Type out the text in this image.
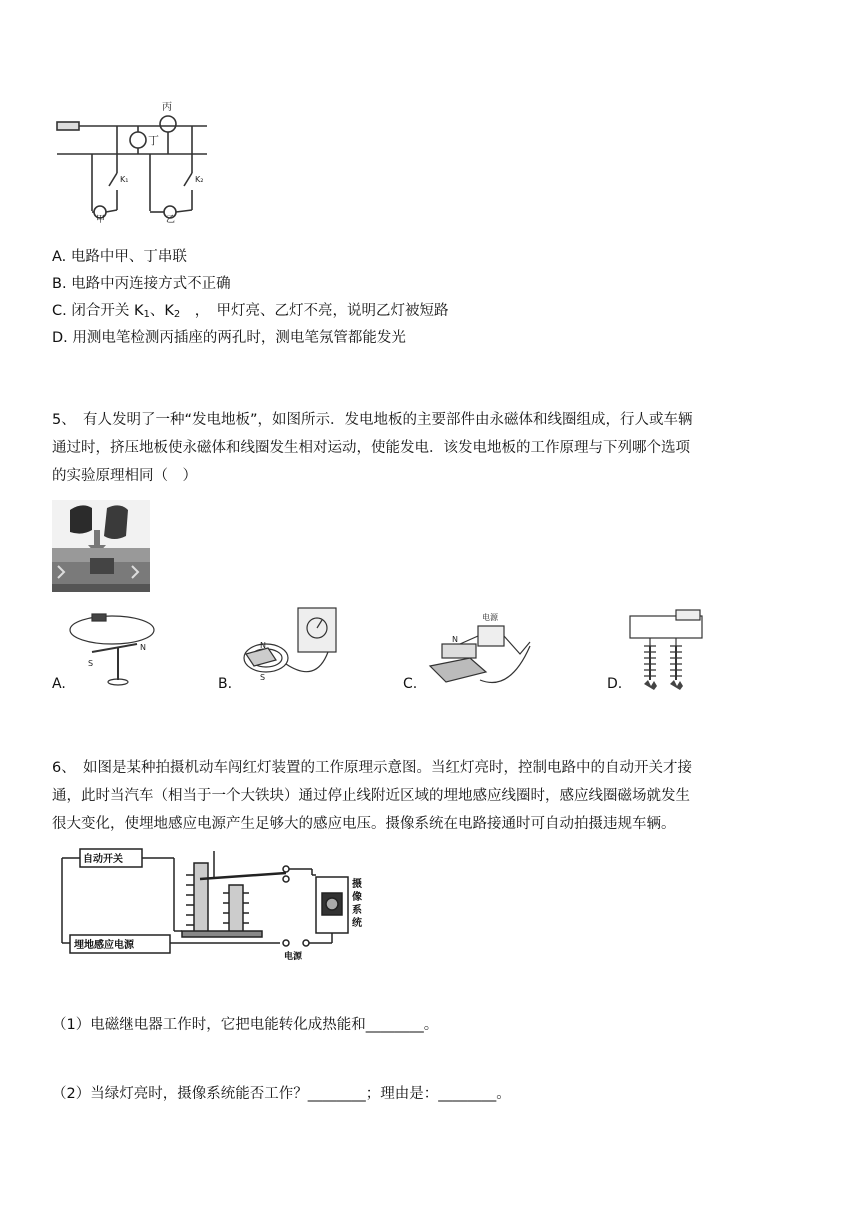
丙
丁
K₁	K₂
甲	乙
A. 电路中甲、丁串联
B. 电路中丙连接方式不正确
C. 闭合开关 $K_1$、$K_2$　，　甲灯亮、乙灯不亮，说明乙灯被短路
D. 用测电笔检测丙插座的两孔时，测电笔氖管都能发光
5、　有人发明了一种“发电地板”，如图所示．发电地板的主要部件由永磁体和线圈组成，行人或车辆
通过时，挤压地板使永磁体和线圈发生相对运动，使能发电．该发电地板的工作原理与下列哪个选项
的实验原理相同（　）
S
N
A.
N
S
B.
电源
N
C.	D.
6、　如图是某种拍摄机动车闯红灯装置的工作原理示意图。当红灯亮时，控制电路中的自动开关才接
通，此时当汽车（相当于一个大铁块）通过停止线附近区域的埋地感应线圈时，感应线圈磁场就发生
很大变化，使埋地感应电源产生足够大的感应电压。摄像系统在电路接通时可自动拍摄违规车辆。
自动开关
埋地感应电源
电源
摄
像
系
统
（1）电磁继电器工作时，它把电能转化成热能和________。
（2）当绿灯亮时，摄像系统能否工作？________；理由是：________。
